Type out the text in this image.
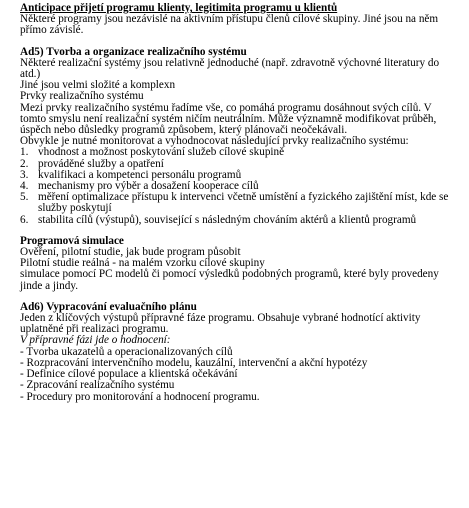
Anticipace přijetí programu klienty, legitimita programu u klientů
Některé programy jsou nezávislé na aktivním přístupu členů cílové skupiny. Jiné jsou na něm přímo závislé.
Ad5) Tvorba a organizace realizačního systému
Některé realizační systémy jsou relativně jednoduché (např. zdravotně výchovné literatury do atd.)
Jiné jsou velmi složité a komplexn
Prvky realizačního systému
Mezi prvky realizačního systému řadíme vše, co pomáhá programu dosáhnout svých cílů. V tomto smyslu není realizační systém ničím neutrálním. Může významně modifikovat průběh, úspěch nebo důsledky programů způsobem, který plánovači neočekávali.
Obvykle je nutné monitorovat a vyhodnocovat následující prvky realizačního systému:
1. vhodnost a možnost poskytování služeb cílové skupině
2. prováděné služby a opatření
3. kvalifikaci a kompetenci personálu programů
4. mechanismy pro výběr a dosažení kooperace cílů
5. měření optimalizace přístupu k intervenci včetně umístění a fyzického zajištění míst, kde se služby poskytují
6. stabilita cílů (výstupů), související s následným chováním aktérů a klientů programů
Programová simulace
Ověření, pilotní studie, jak bude program působit
Pilotní studie reálná - na malém vzorku cílové skupiny
simulace pomocí PC modelů či pomocí výsledků podobných programů, které byly provedeny jinde a jindy.
Ad6) Vypracování evaluačního plánu
Jeden z klíčových výstupů přípravné fáze programu. Obsahuje vybrané hodnotící aktivity uplatněné při realizaci programu.
V přípravné fázi jde o hodnocení:
- Tvorba ukazatelů a operacionalizovaných cílů
- Rozpracování intervenčního modelu, kauzální, intervenční a akční hypotézy
- Definice cílové populace a klientská očekávání
- Zpracování realizačního systému
- Procedury pro monitorování a hodnocení programu.
